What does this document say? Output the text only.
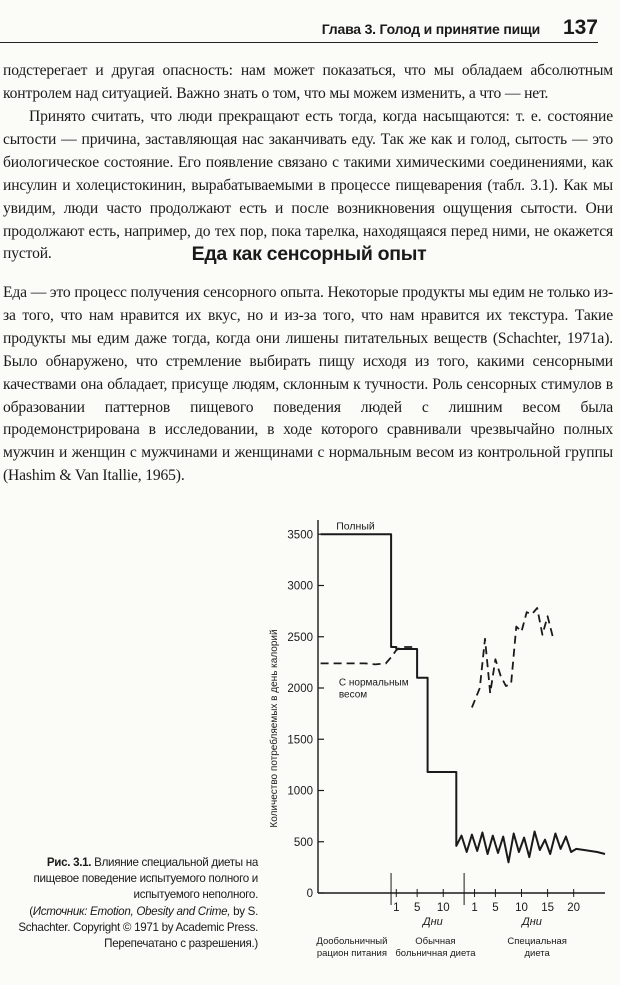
Глава 3. Голод и принятие пищи 137
подстерегает и другая опасность: нам может показаться, что мы обладаем абсолютным контролем над ситуацией. Важно знать о том, что мы можем изменить, а что — нет.
Принято считать, что люди прекращают есть тогда, когда насыщаются: т. е. состояние сытости — причина, заставляющая нас заканчивать еду. Так же как и голод, сытость — это биологическое состояние. Его появление связано с такими химическими соединениями, как инсулин и холецистокинин, вырабатываемыми в процессе пищеварения (табл. 3.1). Как мы увидим, люди часто продолжают есть и после возникновения ощущения сытости. Они продолжают есть, например, до тех пор, пока тарелка, находящаяся перед ними, не окажется пустой.	Еда как сенсорный опыт
Еда — это процесс получения сенсорного опыта. Некоторые продукты мы едим не только из-за того, что нам нравится их вкус, но и из-за того, что нам нравится их текстура. Такие продукты мы едим даже тогда, когда они лишены питательных веществ (Schachter, 1971a). Было обнаружено, что стремление выбирать пищу исходя из того, какими сенсорными качествами она обладает, присуще людям, склонным к тучности. Роль сенсорных стимулов в образовании паттернов пищевого поведения людей с лишним весом была продемонстрирована в исследовании, в ходе которого сравнивали чрезвычайно полных мужчин и женщин с мужчинами и женщинами с нормальным весом из контрольной группы (Hashim & Van Itallie, 1965).
0
500
1000
1500
2000
2500
3000
3500
1 5 10 1 5 10 15 20
Дни	Дни
Дообольничный
рацион питания
Обычная
больничная диета
Специальная
диета
Количество потребляемых в день калорий
Полный
С нормальным
весом
Рис. 3.1. Влияние специальной диеты на пищевое поведение испытуемого полного и испытуемого неполного.
(Источник: Emotion, Obesity and Crime, by S. Schachter. Copyright © 1971 by Academic Press. Перепечатано с разрешения.)
